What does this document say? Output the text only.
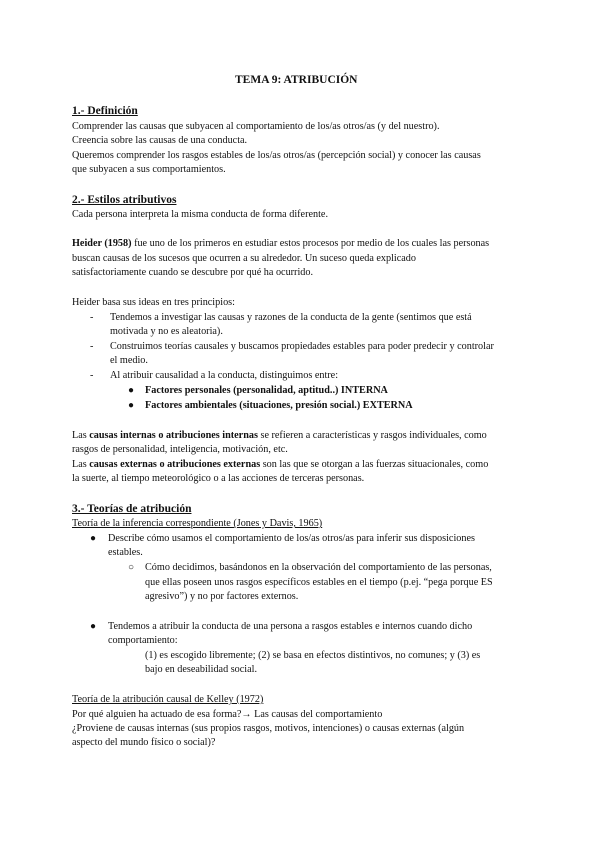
TEMA 9: ATRIBUCIÓN
1.- Definición
Comprender las causas que subyacen al comportamiento de los/as otros/as (y del nuestro).
Creencia sobre las causas de una conducta.
Queremos comprender los rasgos estables de los/as otros/as (percepción social) y conocer las causas
que subyacen a sus comportamientos.
2.- Estilos atributivos
Cada persona interpreta la misma conducta de forma diferente.
Heider (1958) fue uno de los primeros en estudiar estos procesos por medio de los cuales las personas
buscan causas de los sucesos que ocurren a su alrededor. Un suceso queda explicado
satisfactoriamente cuando se descubre por qué ha ocurrido.
Heider basa sus ideas en tres principios:
- Tendemos a investigar las causas y razones de la conducta de la gente (sentimos que está
motivada y no es aleatoria).
- Construimos teorías causales y buscamos propiedades estables para poder predecir y controlar
el medio.
- Al atribuir causalidad a la conducta, distinguimos entre:
● Factores personales (personalidad, aptitud..) INTERNA
● Factores ambientales (situaciones, presión social.) EXTERNA
Las causas internas o atribuciones internas se refieren a características y rasgos individuales, como
rasgos de personalidad, inteligencia, motivación, etc.
Las causas externas o atribuciones externas son las que se otorgan a las fuerzas situacionales, como
la suerte, al tiempo meteorológico o a las acciones de terceras personas.
3.- Teorías de atribución
Teoría de la inferencia correspondiente (Jones y Davis, 1965)
● Describe cómo usamos el comportamiento de los/as otros/as para inferir sus disposiciones
estables.
○ Cómo decidimos, basándonos en la observación del comportamiento de las personas,
que ellas poseen unos rasgos específicos estables en el tiempo (p.ej. “pega porque ES
agresivo”) y no por factores externos.
● Tendemos a atribuir la conducta de una persona a rasgos estables e internos cuando dicho
comportamiento:
(1) es escogido libremente; (2) se basa en efectos distintivos, no comunes; y (3) es
bajo en deseabilidad social.
Teoría de la atribución causal de Kelley (1972)
Por qué alguien ha actuado de esa forma?→ Las causas del comportamiento
¿Proviene de causas internas (sus propios rasgos, motivos, intenciones) o causas externas (algún
aspecto del mundo físico o social)?
